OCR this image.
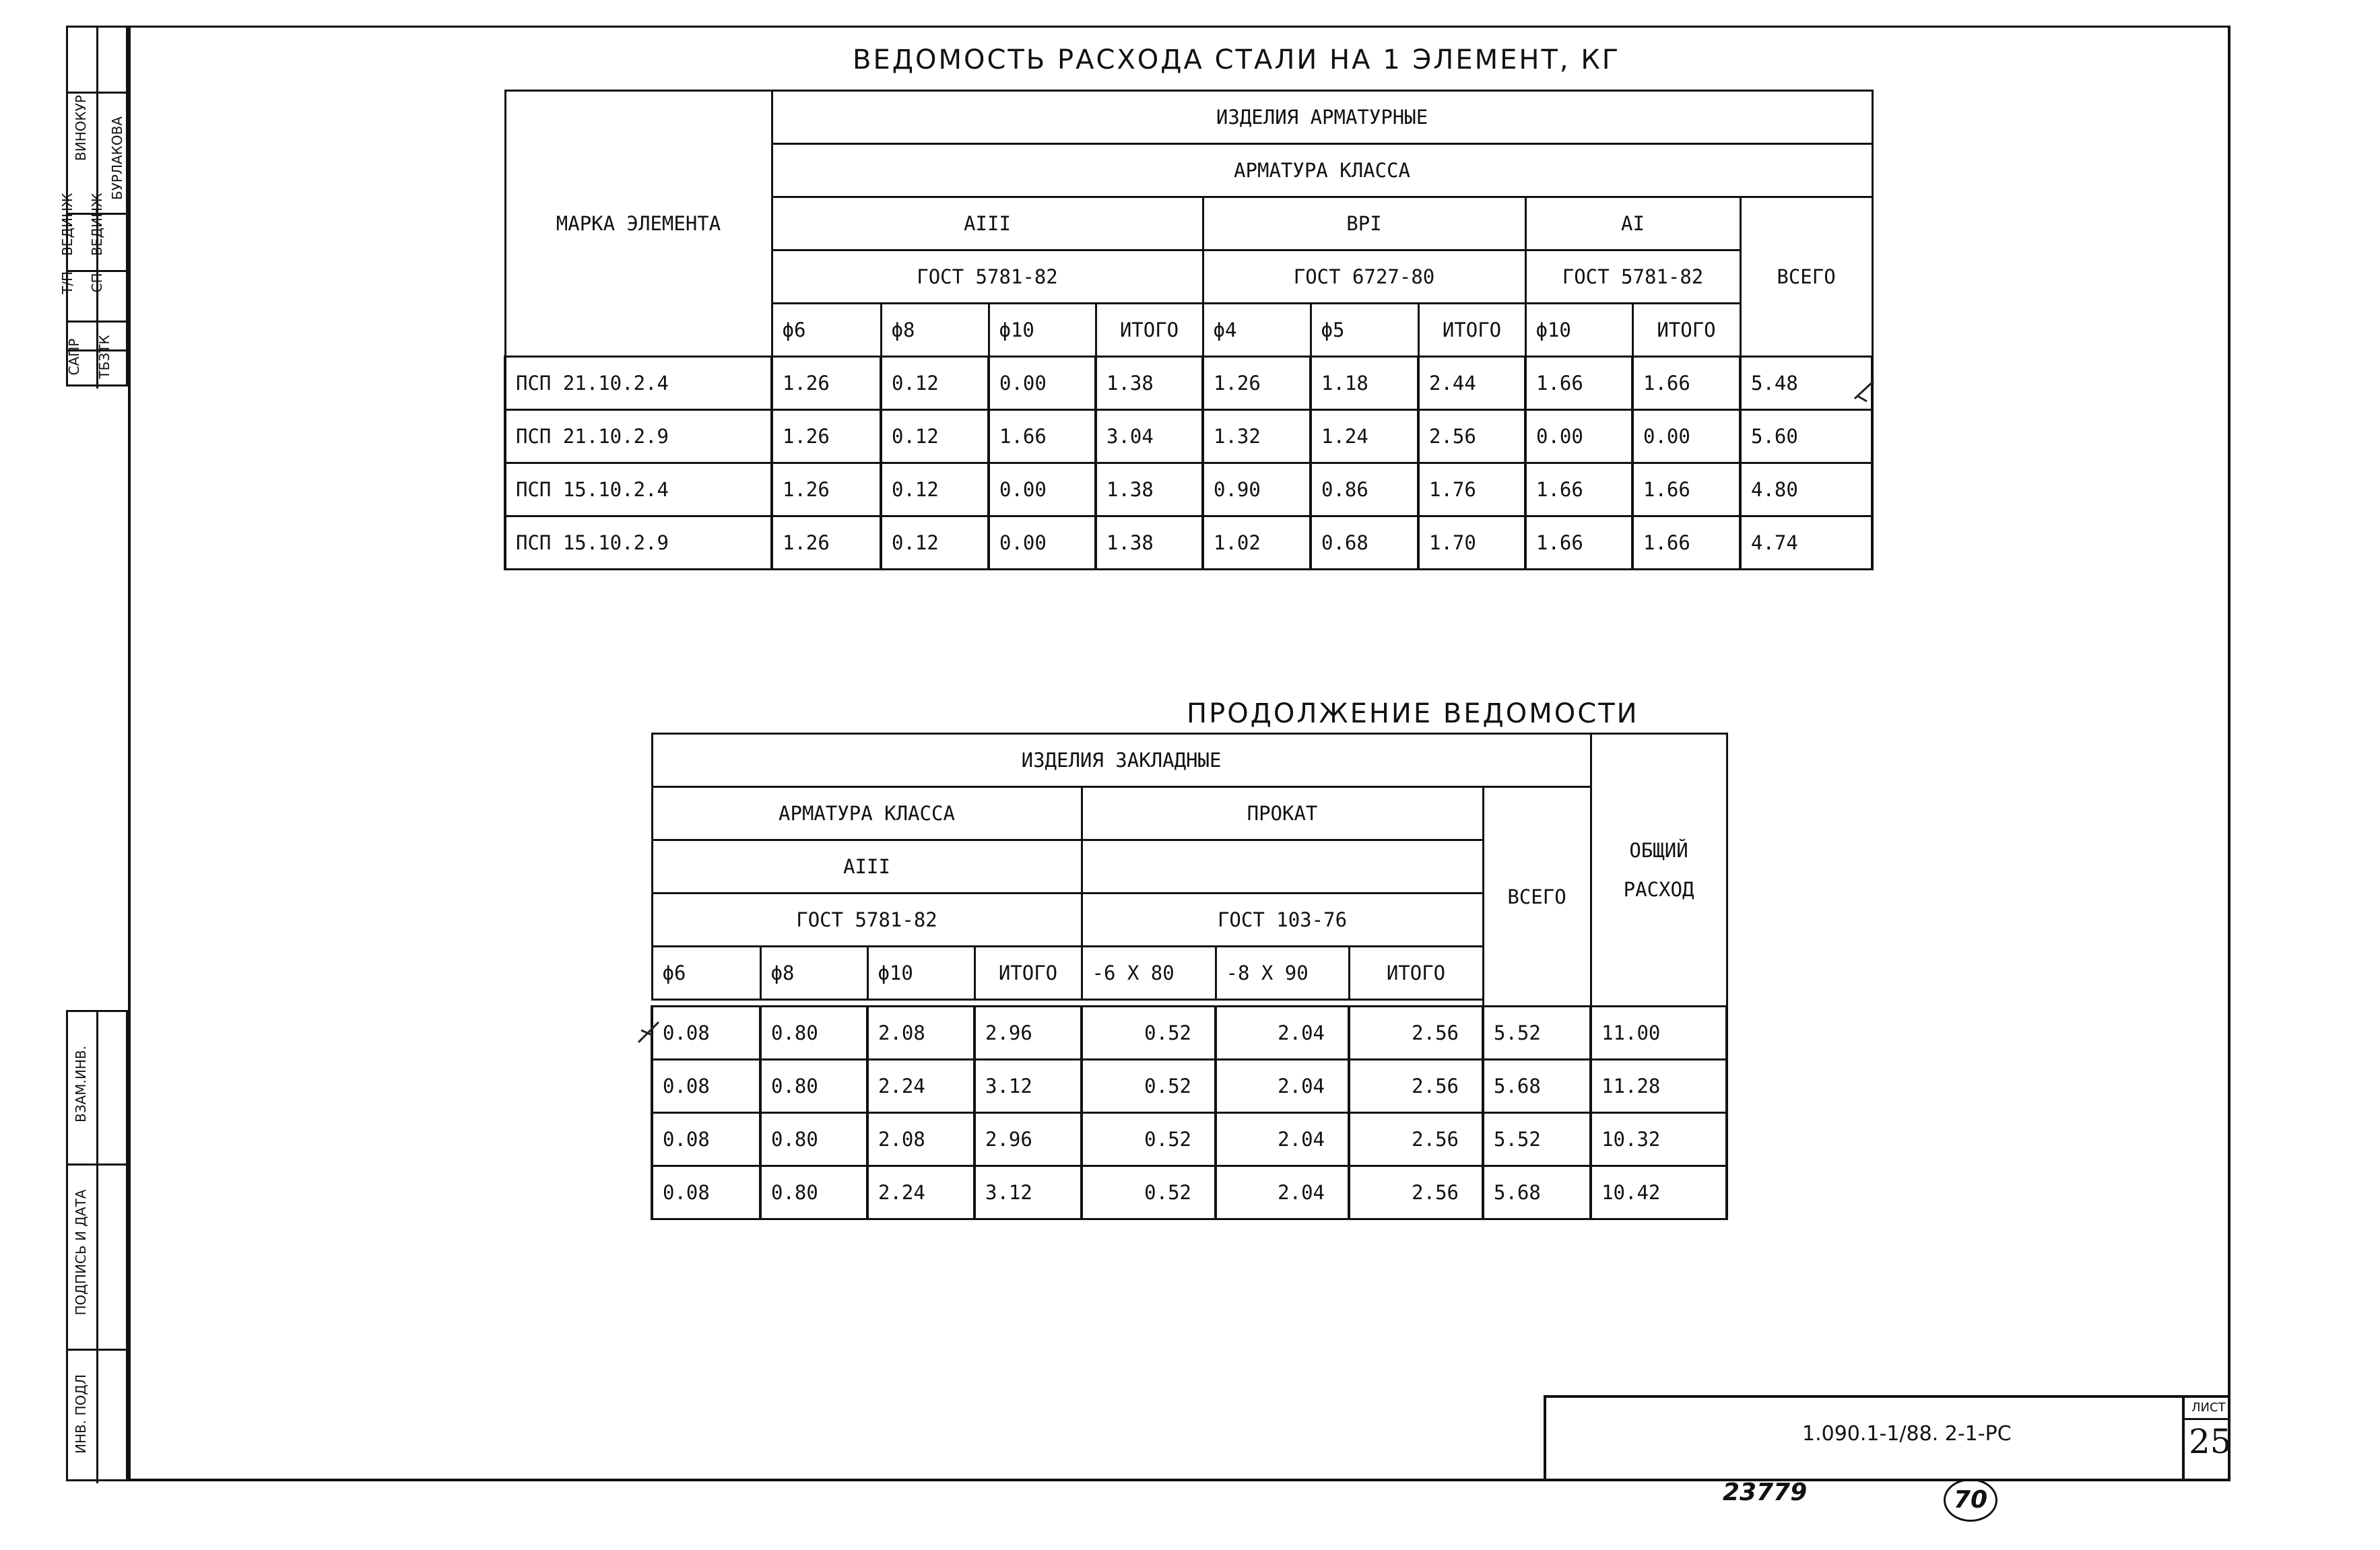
ВИНОКУР	БУРЛАКОВА
ВЕДИНЖ	ВЕДИНЖ
Т/П	СП
САПР	ТБЗТК
ВЗАМ.ИНВ.
ПОДПИСЬ И ДАТА
ИНВ. ПОДЛ
ВЕДОМОСТЬ РАСХОДА СТАЛИ НА 1 ЭЛЕМЕНТ, КГ
МАРКА ЭЛЕМЕНТА	ИЗДЕЛИЯ АРМАТУРНЫЕ									
	АРМАТУРА КЛАССА									
	АIII				ВРI			АI		ВСЕГО
	ГОСТ 5781-82				ГОСТ 6727-80			ГОСТ 5781-82		
	ϕ6	ϕ8	ϕ10	ИТОГО	ϕ4	ϕ5	ИТОГО	ϕ10	ИТОГО	
ПСП 21.10.2.4	1.26	0.12	0.00	1.38	1.26	1.18	2.44	1.66	1.66	5.48
ПСП 21.10.2.9	1.26	0.12	1.66	3.04	1.32	1.24	2.56	0.00	0.00	5.60
ПСП 15.10.2.4	1.26	0.12	0.00	1.38	0.90	0.86	1.76	1.66	1.66	4.80
ПСП 15.10.2.9	1.26	0.12	0.00	1.38	1.02	0.68	1.70	1.66	1.66	4.74
ПРОДОЛЖЕНИЕ ВЕДОМОСТИ
ИЗДЕЛИЯ ЗАКЛАДНЫЕ								ОБЩИЙ
РАСХОД

АРМАТУРА КЛАССА				ПРОКАТ			ВСЕГО	
АIII								
ГОСТ 5781-82				ГОСТ 103-76				
ϕ6	ϕ8	ϕ10	ИТОГО	-6 X 80	-8 X 90	ИТОГО		

0.08	0.80	2.08	2.96	0.52	2.04	2.56	5.52	11.00
0.08	0.80	2.24	3.12	0.52	2.04	2.56	5.68	11.28
0.08	0.80	2.08	2.96	0.52	2.04	2.56	5.52	10.32
0.08	0.80	2.24	3.12	0.52	2.04	2.56	5.68	10.42
1.090.1-1/88. 2-1-РС
ЛИСТ
25
23779	70
